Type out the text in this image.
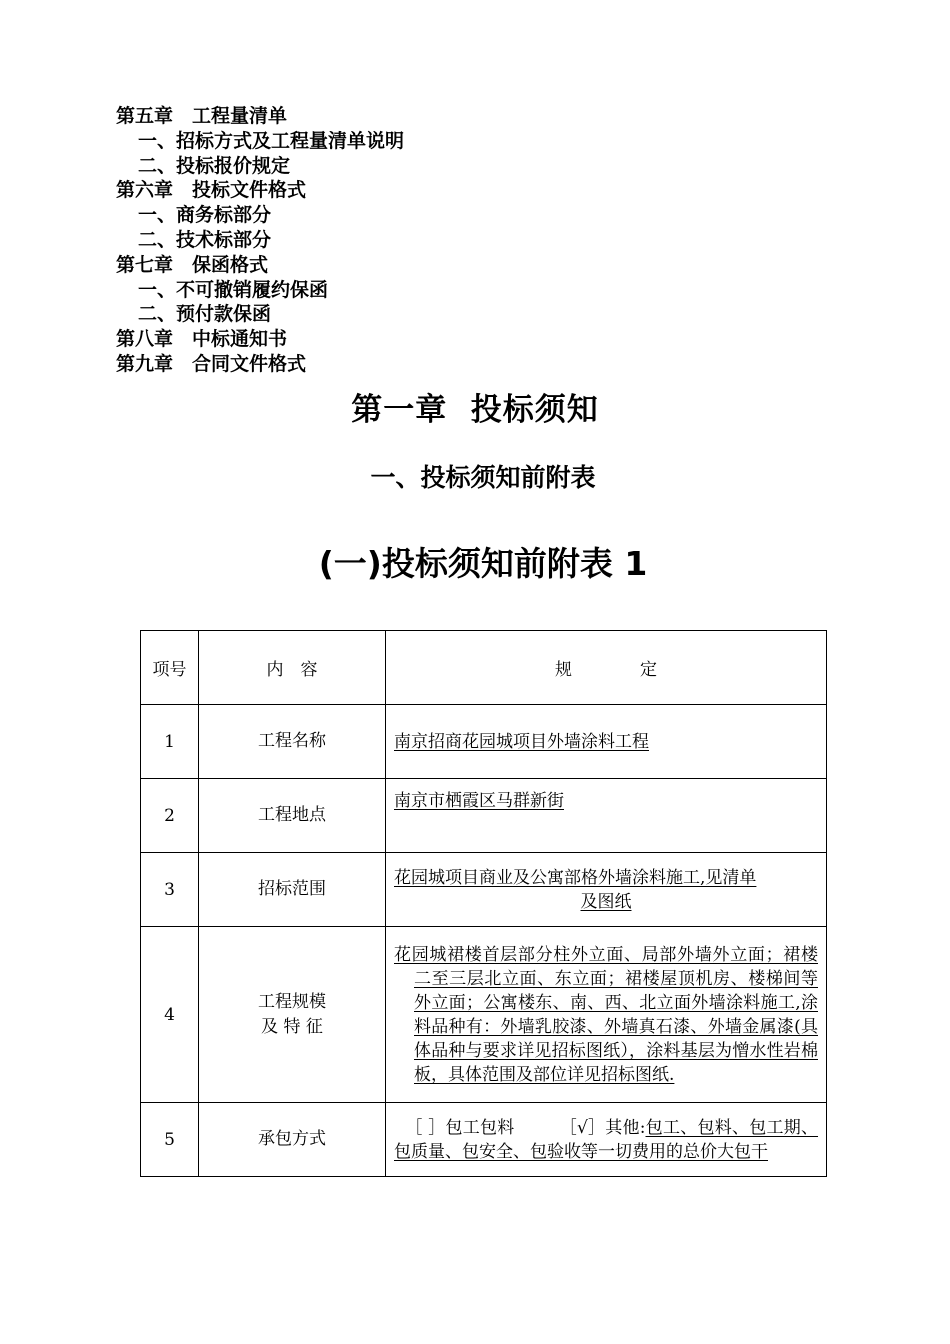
第五章　工程量清单
一、招标方式及工程量清单说明
二、投标报价规定
第六章　投标文件格式
一、商务标部分
二、技术标部分
第七章　保函格式
一、不可撤销履约保函
二、预付款保函
第八章　中标通知书
第九章　合同文件格式
第一章  投标须知
一、投标须知前附表
(一)投标须知前附表 1
项号	内　容	规　　　　定
1	工程名称	南京招商花园城项目外墙涂料工程
2	工程地点	南京市栖霞区马群新街
3	招标范围	花园城项目商业及公寓部格外墙涂料施工,见清单
及图纸

4	工程规模
及 特 征	花园城裙楼首层部分柱外立面、局部外墙外立面；裙楼二至三层北立面、东立面；裙楼屋顶机房、楼梯间等外立面；公寓楼东、南、西、北立面外墙涂料施工,涂料品种有：外墙乳胶漆、外墙真石漆、外墙金属漆(具体品种与要求详见招标图纸），涂料基层为憎水性岩棉板，具体范围及部位详见招标图纸.

5	承包方式	［ ］包工包料 ［√］其他:包工、包料、包工期、包质量、包安全、包验收等一切费用的总价大包干
